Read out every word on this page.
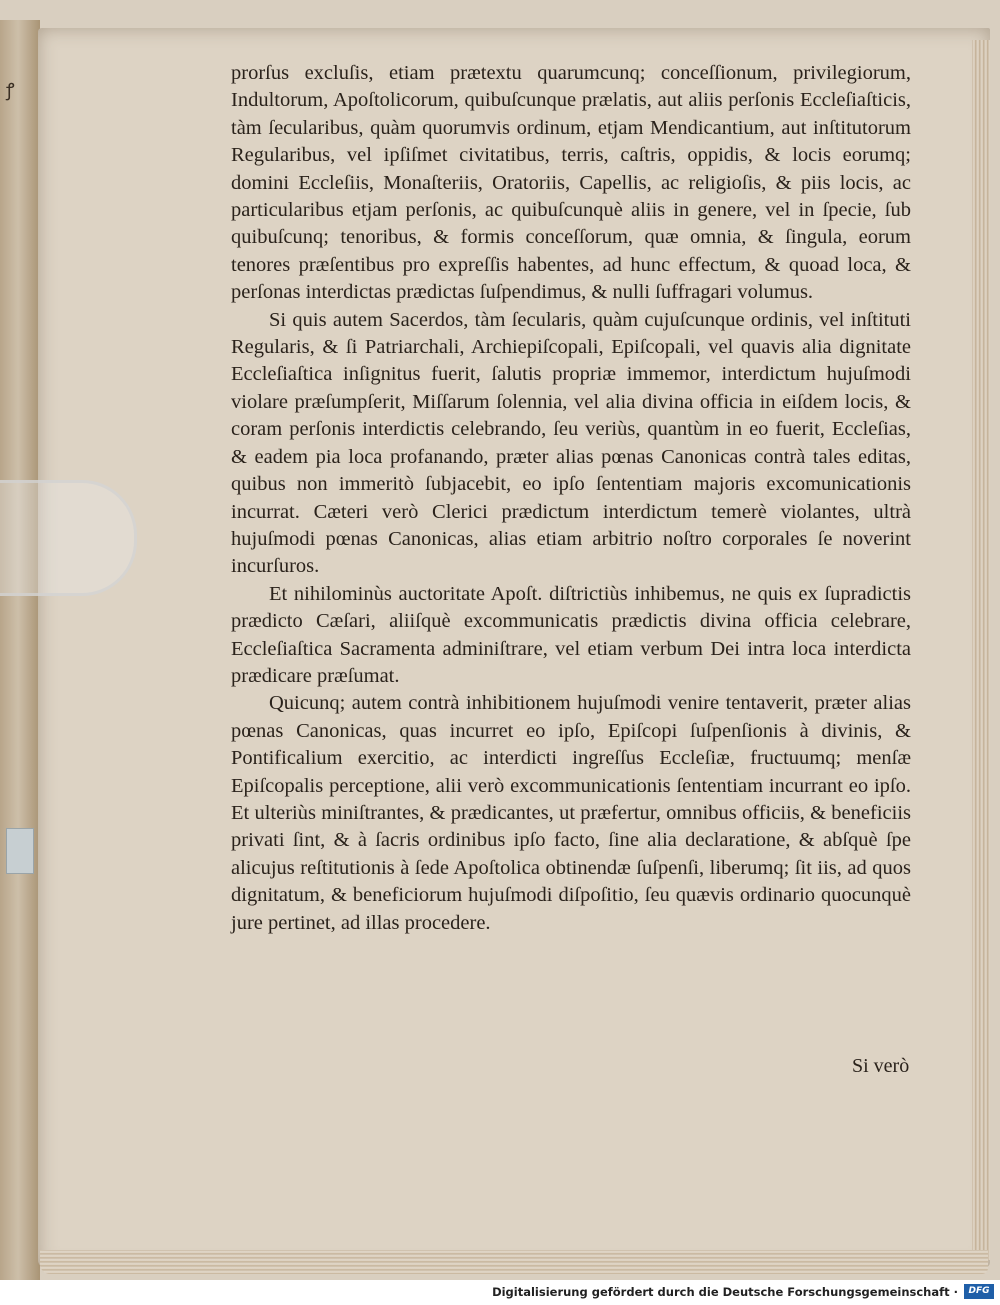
ꝭ

prorſus excluſis, etiam prætextu quarumcunq; conceſſionum, privilegiorum, Indultorum, Apoſtolicorum, quibuſcunque prælatis, aut aliis perſonis Eccleſiaſticis, tàm ſecularibus, quàm quorumvis ordinum, etjam Mendicantium, aut inſtitutorum Regularibus, vel ipſiſmet civitatibus, terris, caſtris, oppidis, & locis eorumq; domini Eccleſiis, Monaſteriis, Oratoriis, Capellis, ac religioſis, & piis locis, ac particularibus etjam perſonis, ac quibuſcunquè aliis in genere, vel in ſpecie, ſub quibuſcunq; tenoribus, & formis conceſſorum, quæ omnia, & ſingula, eorum tenores præſentibus pro expreſſis habentes, ad hunc effectum, & quoad loca, & perſonas interdictas prædictas ſuſpendimus, & nulli ſuffragari volumus.

Si quis autem Sacerdos, tàm ſecularis, quàm cujuſcunque ordinis, vel inſtituti Regularis, & ſi Patriarchali, Archiepiſcopali, Epiſcopali, vel quavis alia dignitate Eccleſiaſtica inſignitus fuerit, ſalutis propriæ immemor, interdictum hujuſmodi violare præſumpſerit, Miſſarum ſolennia, vel alia divina officia in eiſdem locis, & coram perſonis interdictis celebrando, ſeu veriùs, quantùm in eo fuerit, Eccleſias, & eadem pia loca profanando, præter alias pœnas Canonicas contrà tales editas, quibus non immeritò ſubjacebit, eo ipſo ſententiam majoris excomunicationis incurrat. Cæteri verò Clerici prædictum interdictum temerè violantes, ultrà hujuſmodi pœnas Canonicas, alias etiam arbitrio noſtro corporales ſe noverint incurſuros.

Et nihilominùs auctoritate Apoſt. diſtrictiùs inhibemus, ne quis ex ſupradictis prædicto Cæſari, aliiſquè excommunicatis prædictis divina officia celebrare, Eccleſiaſtica Sacramenta adminiſtrare, vel etiam verbum Dei intra loca interdicta prædicare præſumat.

Quicunq; autem contrà inhibitionem hujuſmodi venire tentaverit, præter alias pœnas Canonicas, quas incurret eo ipſo, Epiſcopi ſuſpenſionis à divinis, & Pontificalium exercitio, ac interdicti ingreſſus Eccleſiæ, fructuumq; menſæ Epiſcopalis perceptione, alii verò excommunicationis ſententiam incurrant eo ipſo. Et ulteriùs miniſtrantes, & prædicantes, ut præfertur, omnibus officiis, & beneficiis privati ſint, & à ſacris ordinibus ipſo facto, ſine alia declaratione, & abſquè ſpe alicujus reſtitutionis à ſede Apoſtolica obtinendæ ſuſpenſi, liberumq; ſit iis, ad quos dignitatum, & beneficiorum hujuſmodi diſpoſitio, ſeu quævis ordinario quocunquè jure pertinet, ad illas procedere.

Si verò
Digitalisierung gefördert durch die Deutsche Forschungsgemeinschaft ·	DFG
